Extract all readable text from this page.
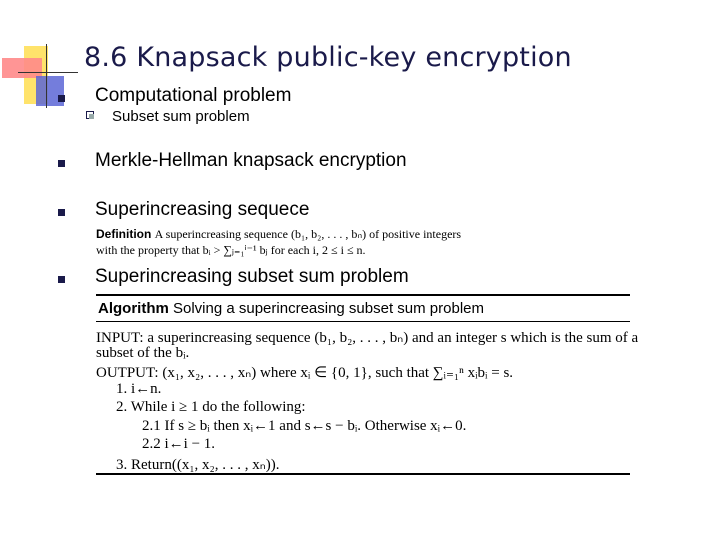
8.6 Knapsack public-key encryption
Computational problem
Subset sum problem
Merkle-Hellman knapsack encryption
Superincreasing sequece
Definition A superincreasing sequence (b₁, b₂, . . . , bₙ) of positive integers
with the property that bᵢ > ∑ⱼ₌₁ⁱ⁻¹ bⱼ for each i, 2 ≤ i ≤ n.
Superincreasing subset sum problem
Algorithm Solving a superincreasing subset sum problem
INPUT: a superincreasing sequence (b₁, b₂, . . . , bₙ) and an integer s which is the sum of a
subset of the bᵢ.
OUTPUT: (x₁, x₂, . . . , xₙ) where xᵢ ∈ {0, 1}, such that ∑ᵢ₌₁ⁿ xᵢbᵢ = s.
1. i←n.
2. While i ≥ 1 do the following:
2.1 If s ≥ bᵢ then xᵢ←1 and s←s − bᵢ. Otherwise xᵢ←0.
2.2 i←i − 1.
3. Return((x₁, x₂, . . . , xₙ)).
